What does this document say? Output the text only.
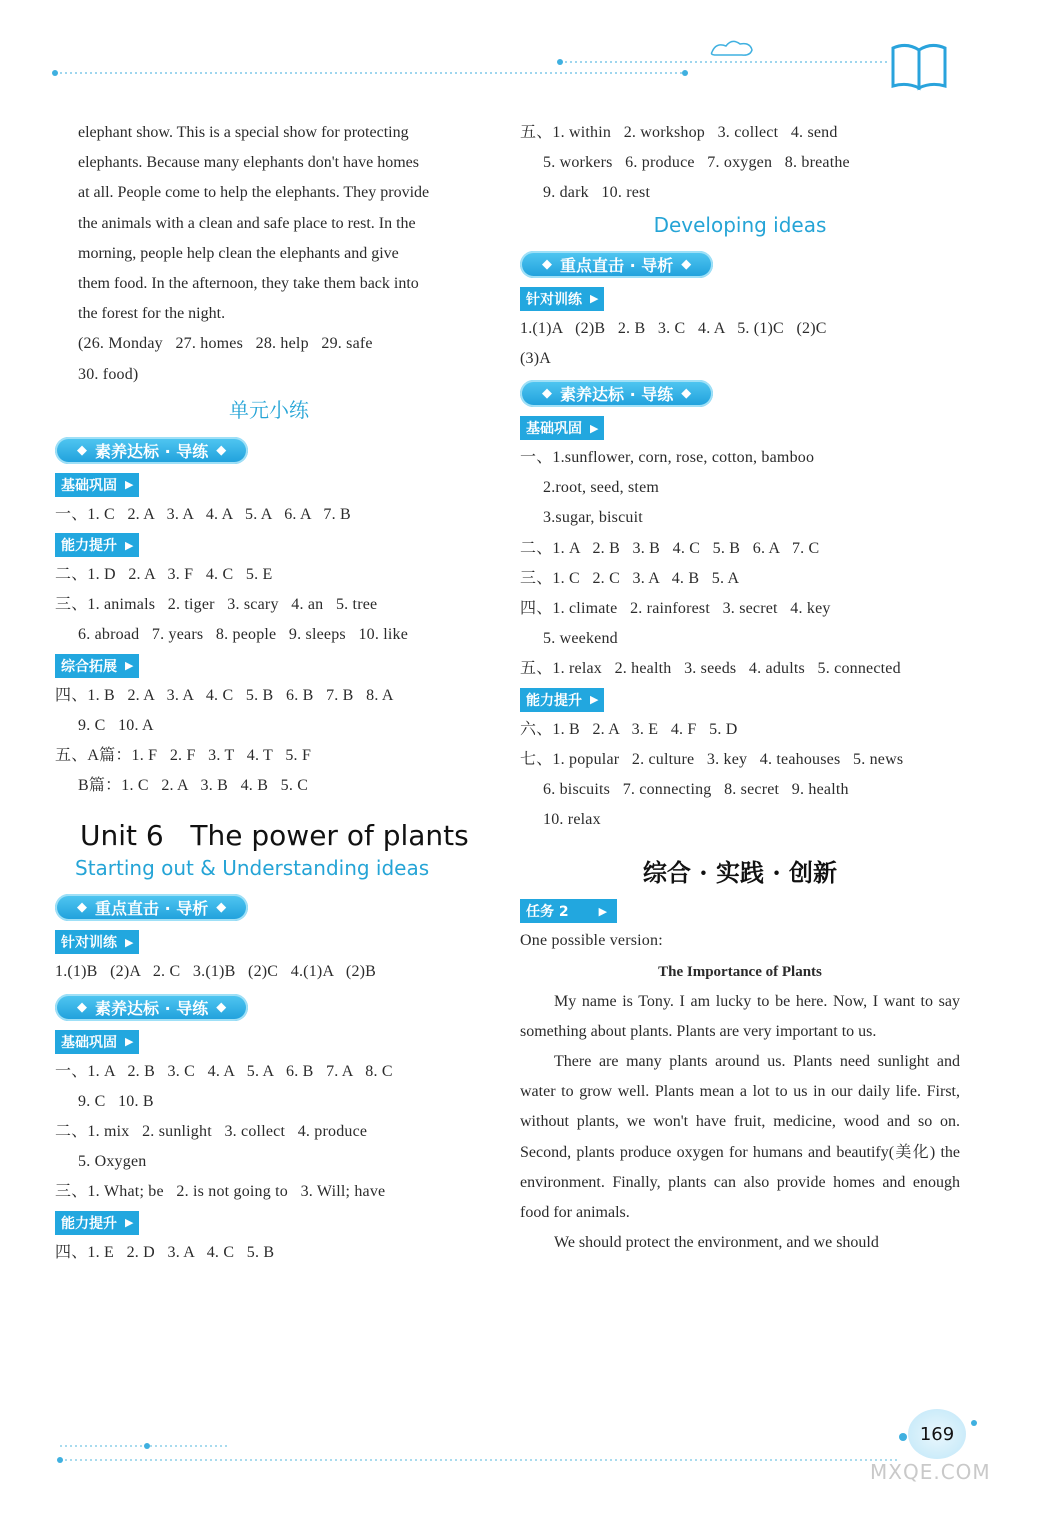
elephant show. This is a special show for protecting

elephants. Because many elephants don't have homes

at all. People come to help the elephants. They provide

the animals with a clean and safe place to rest. In the

morning, people help clean the elephants and give

them food. In the afternoon, they take them back into

the forest for the night.

(26. Monday   27. homes   28. help   29. safe
30. food)
单元小练
◆ 素养达标 · 导练 ◆
基础巩固 ▶
一、1. C   2. A   3. A   4. A   5. A   6. A   7. B
能力提升 ▶
二、1. D   2. A   3. F   4. C   5. E
三、1. animals   2. tiger   3. scary   4. an   5. tree
6. abroad   7. years   8. people   9. sleeps   10. like
综合拓展 ▶
四、1. B   2. A   3. A   4. C   5. B   6. B   7. B   8. A
9. C   10. A
五、A篇：1. F   2. F   3. T   4. T   5. F
B篇：1. C   2. A   3. B   4. B   5. C
Unit 6   The power of plants
Starting out & Understanding ideas
◆ 重点直击 · 导析 ◆
针对训练 ▶
1.(1)B   (2)A   2. C   3.(1)B   (2)C   4.(1)A   (2)B
◆ 素养达标 · 导练 ◆
基础巩固 ▶
一、1. A   2. B   3. C   4. A   5. A   6. B   7. A   8. C
9. C   10. B
二、1. mix   2. sunlight   3. collect   4. produce
5. Oxygen
三、1. What; be   2. is not going to   3. Will; have
能力提升 ▶
四、1. E   2. D   3. A   4. C   5. B
五、1. within   2. workshop   3. collect   4. send
5. workers   6. produce   7. oxygen   8. breathe
9. dark   10. rest
Developing ideas
◆ 重点直击 · 导析 ◆
针对训练 ▶
1.(1)A   (2)B   2. B   3. C   4. A   5. (1)C   (2)C
(3)A
◆ 素养达标 · 导练 ◆
基础巩固 ▶
一、1.sunflower, corn, rose, cotton, bamboo
2.root, seed, stem
3.sugar, biscuit
二、1. A   2. B   3. B   4. C   5. B   6. A   7. C
三、1. C   2. C   3. A   4. B   5. A
四、1. climate   2. rainforest   3. secret   4. key
5. weekend
五、1. relax   2. health   3. seeds   4. adults   5. connected
能力提升 ▶
六、1. B   2. A   3. E   4. F   5. D
七、1. popular   2. culture   3. key   4. teahouses   5. news
6. biscuits   7. connecting   8. secret   9. health
10. relax
综合 · 实践 · 创新
任务 2	▶
One possible version:
The Importance of Plants

My name is Tony. I am lucky to be here. Now, I want to say something about plants. Plants are very important to us.

There are many plants around us. Plants need sunlight and water to grow well. Plants mean a lot to us in our daily life. First, without plants, we won't have fruit, medicine, wood and so on. Second, plants produce oxygen for humans and beautify(美化) the environment. Finally, plants can also provide homes and enough food for animals.

We should protect the environment, and we should

169
MXQE.COM
